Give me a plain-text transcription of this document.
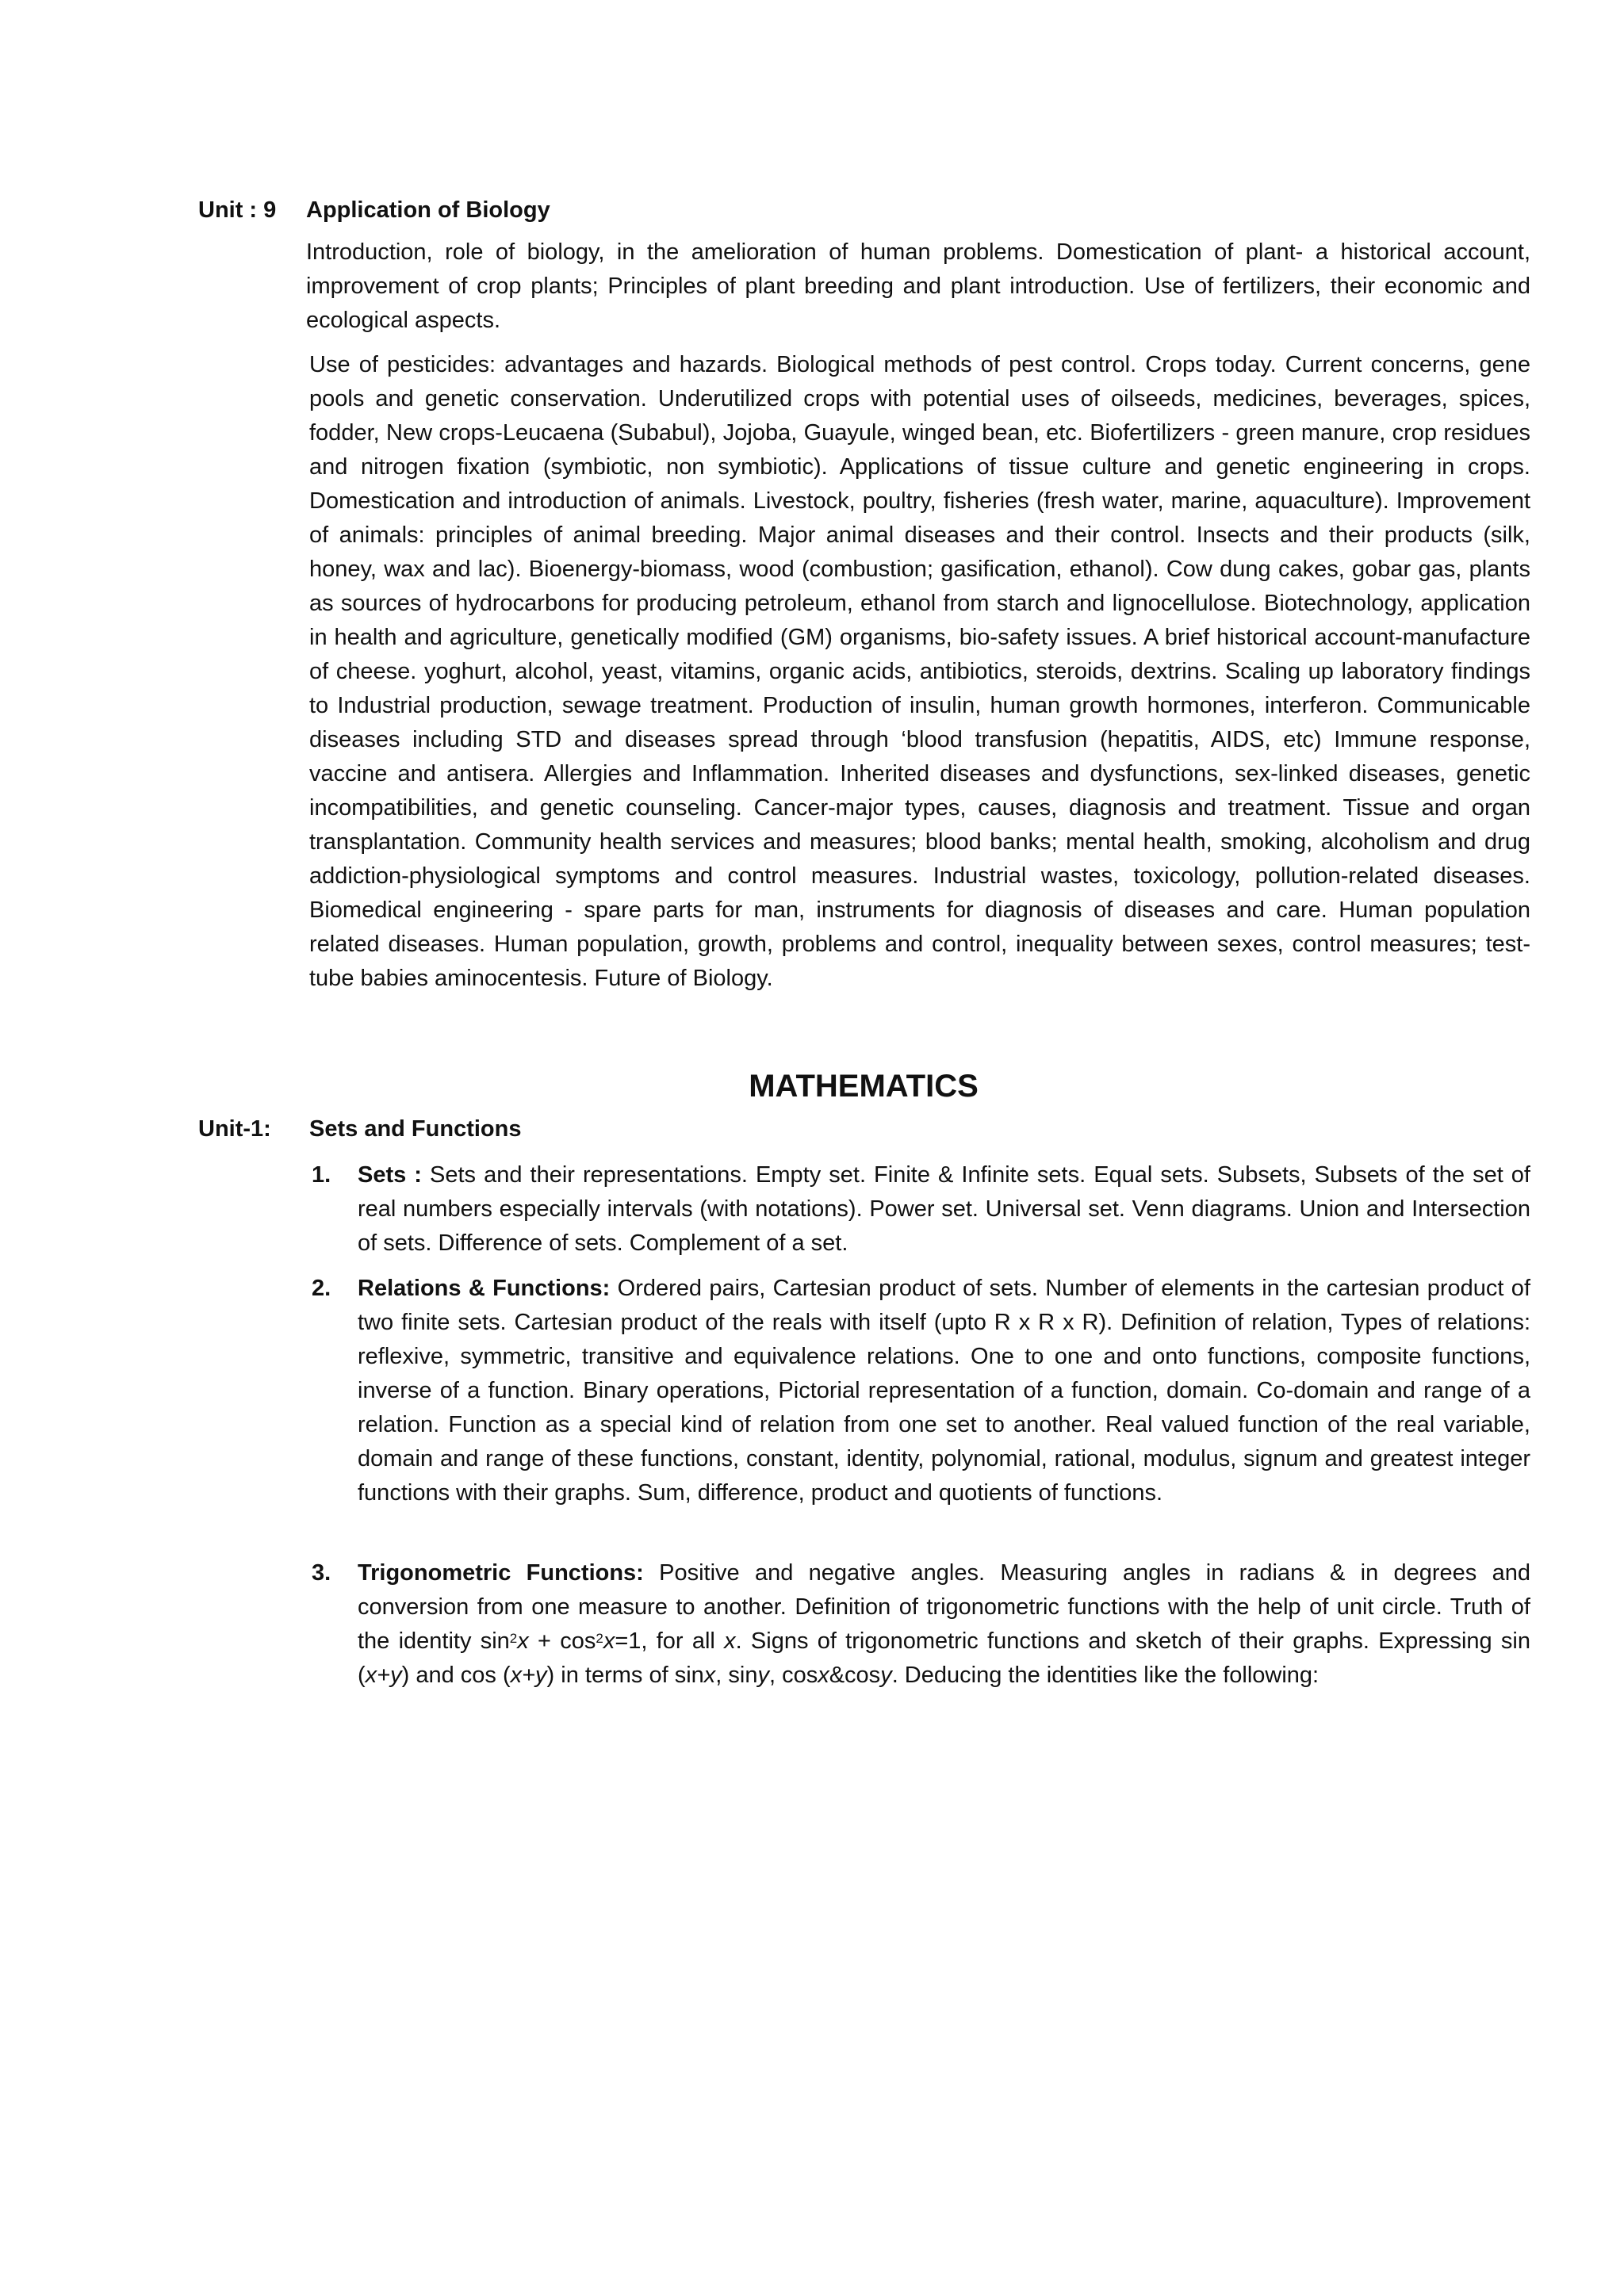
Unit : 9 Application of Biology

Introduction, role of biology, in the amelioration of human problems. Domestication of plant- a historical account, improvement of crop plants; Principles of plant breeding and plant introduction. Use of fertilizers, their economic and ecological aspects.

Use of pesticides: advantages and hazards. Biological methods of pest control. Crops today. Current concerns, gene pools and genetic conservation. Underutilized crops with potential uses of oilseeds, medicines, beverages, spices, fodder, New crops-Leucaena (Subabul), Jojoba, Guayule, winged bean, etc. Biofertilizers - green manure, crop residues and nitrogen fixation (symbiotic, non symbiotic). Applications of tissue culture and genetic engineering in crops. Domestication and introduction of animals. Livestock, poultry, fisheries (fresh water, marine, aquaculture). Improvement of animals: principles of animal breeding. Major animal diseases and their control. Insects and their products (silk, honey, wax and lac). Bioenergy-biomass, wood (combustion; gasification, ethanol). Cow dung cakes, gobar gas, plants as sources of hydrocarbons for producing petroleum, ethanol from starch and lignocellulose. Biotechnology, application in health and agriculture, genetically modified (GM) organisms, bio-safety issues. A brief historical account-manufacture of cheese. yoghurt, alcohol, yeast, vitamins, organic acids, antibiotics, steroids, dextrins. Scaling up laboratory findings to Industrial production, sewage treatment. Production of insulin, human growth hormones, interferon. Communicable diseases including STD and diseases spread through ‘blood transfusion (hepatitis, AIDS, etc) Immune response, vaccine and antisera. Allergies and Inflammation. Inherited diseases and dysfunctions, sex-linked diseases, genetic incompatibilities, and genetic counseling. Cancer-major types, causes, diagnosis and treatment. Tissue and organ transplantation. Community health services and measures; blood banks; mental health, smoking, alcoholism and drug addiction-physiological symptoms and control measures. Industrial wastes, toxicology, pollution-related diseases. Biomedical engineering - spare parts for man, instruments for diagnosis of diseases and care. Human population related diseases. Human population, growth, problems and control, inequality between sexes, control measures; test-tube babies aminocentesis. Future of Biology.

MATHEMATICS
Unit-1: Sets and Functions
1. Sets : Sets and their representations. Empty set. Finite & Infinite sets. Equal sets. Subsets, Subsets of the set of real numbers especially intervals (with notations). Power set. Universal set. Venn diagrams. Union and Intersection of sets. Difference of sets. Complement of a set.

2. Relations & Functions: Ordered pairs, Cartesian product of sets. Number of elements in the cartesian product of two finite sets. Cartesian product of the reals with itself (upto R x R x R). Definition of relation, Types of relations: reflexive, symmetric, transitive and equivalence relations. One to one and onto functions, composite functions, inverse of a function. Binary operations, Pictorial representation of a function, domain. Co-domain and range of a relation. Function as a special kind of relation from one set to another. Real valued function of the real variable, domain and range of these functions, constant, identity, polynomial, rational, modulus, signum and greatest integer functions with their graphs. Sum, difference, product and quotients of functions.

3. Trigonometric Functions: Positive and negative angles. Measuring angles in radians & in degrees and conversion from one measure to another. Definition of trigonometric functions with the help of unit circle. Truth of the identity $\sin^2x + \cos^2x=1$, for all x. Signs of trigonometric functions and sketch of their graphs. Expressing sin (x+y) and cos (x+y) in terms of sinx, siny, cosx&cosy. Deducing the identities like the following:
